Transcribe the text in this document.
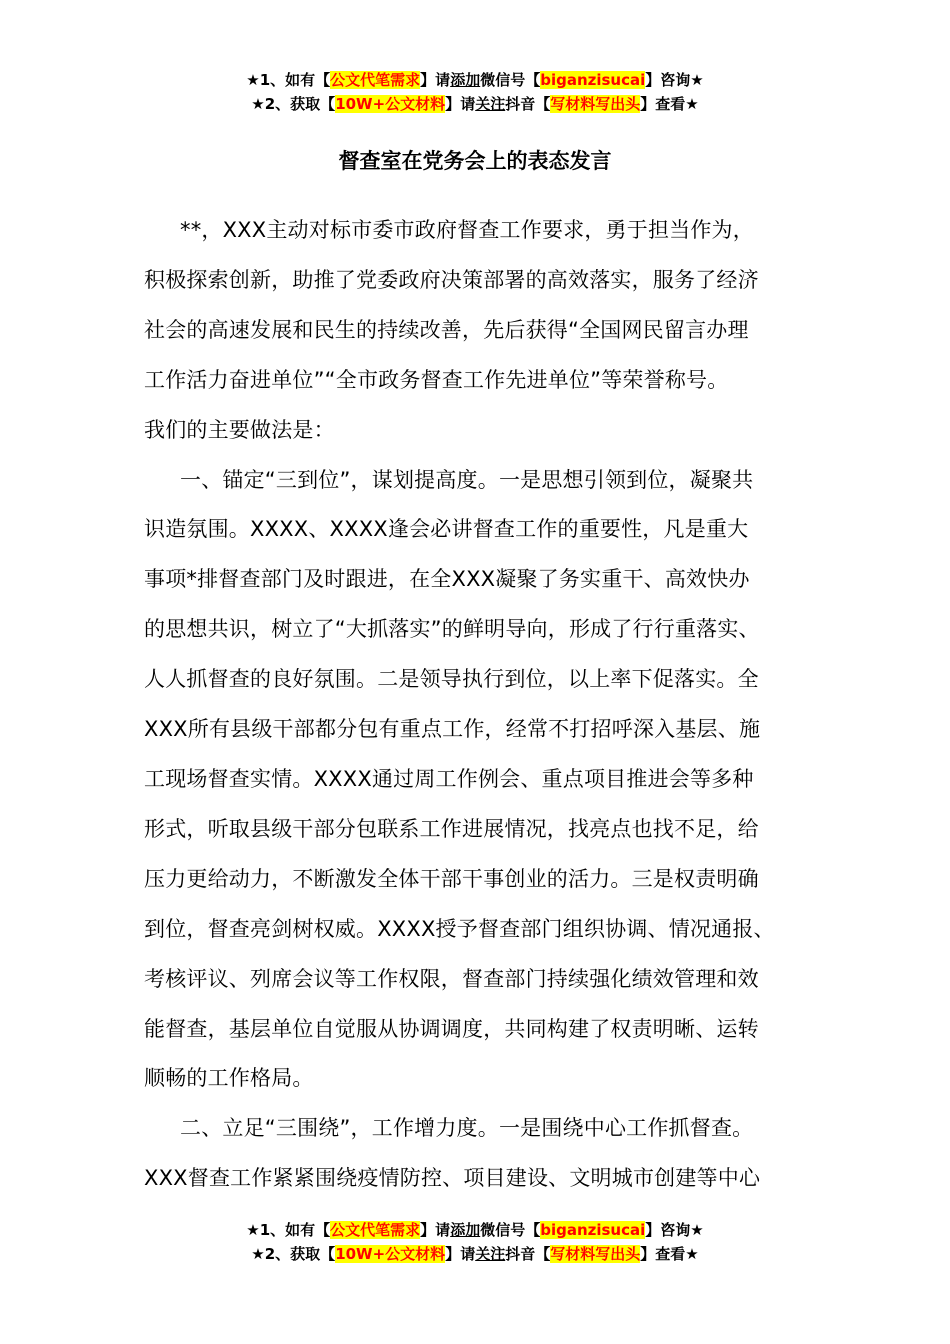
★1、如有【公文代笔需求】请添加微信号【biganzisucai】咨询★
★2、获取【10W+公文材料】请关注抖音【写材料写出头】查看★
督查室在党务会上的表态发言
**，XXX主动对标市委市政府督查工作要求，勇于担当作为，
积极探索创新，助推了党委政府决策部署的高效落实，服务了经济
社会的高速发展和民生的持续改善，先后获得“全国网民留言办理
工作活力奋进单位”“全市政务督查工作先进单位”等荣誉称号。
我们的主要做法是：
一、锚定“三到位”，谋划提高度。一是思想引领到位，凝聚共
识造氛围。XXXX、XXXX逢会必讲督查工作的重要性，凡是重大
事项*排督查部门及时跟进，在全XXX凝聚了务实重干、高效快办
的思想共识，树立了“大抓落实”的鲜明导向，形成了行行重落实、
人人抓督查的良好氛围。二是领导执行到位，以上率下促落实。全
XXX所有县级干部都分包有重点工作，经常不打招呼深入基层、施
工现场督查实情。XXXX通过周工作例会、重点项目推进会等多种
形式，听取县级干部分包联系工作进展情况，找亮点也找不足，给
压力更给动力，不断激发全体干部干事创业的活力。三是权责明确
到位，督查亮剑树权威。XXXX授予督查部门组织协调、情况通报、
考核评议、列席会议等工作权限，督查部门持续强化绩效管理和效
能督查，基层单位自觉服从协调调度，共同构建了权责明晰、运转
顺畅的工作格局。
二、立足“三围绕”，工作增力度。一是围绕中心工作抓督查。
XXX督查工作紧紧围绕疫情防控、项目建设、文明城市创建等中心
★1、如有【公文代笔需求】请添加微信号【biganzisucai】咨询★
★2、获取【10W+公文材料】请关注抖音【写材料写出头】查看★
